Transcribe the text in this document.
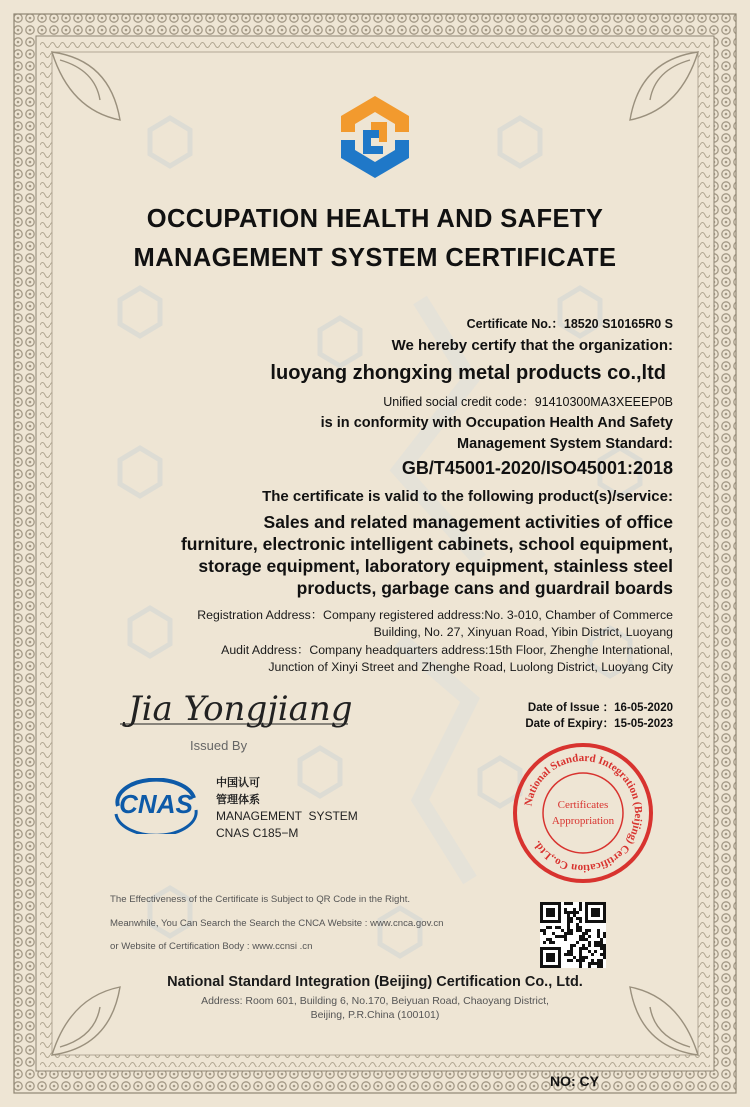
OCCUPATION HEALTH AND SAFETY
MANAGEMENT SYSTEM CERTIFICATE
Certificate No.：18520 S10165R0 S
We hereby certify that the organization:
luoyang zhongxing metal products co.,ltd
Unified social credit code：91410300MA3XEEEP0B
is in conformity with Occupation Health And Safety
Management System Standard:
GB/T45001-2020/ISO45001:2018
The certificate is valid to the following product(s)/service:
Sales and related management activities of office
furniture, electronic intelligent cabinets, school equipment,
storage equipment, laboratory equipment, stainless steel
products, garbage cans and guardrail boards
Registration Address：Company registered address:No. 3-010, Chamber of Commerce
Building, No. 27, Xinyuan Road, Yibin District, Luoyang
Audit Address：Company headquarters address:15th Floor, Zhenghe International,
Junction of Xinyi Street and Zhenghe Road, Luolong District, Luoyang City
Jia Yongjiang
Issued By
Date of Issue ：16-05-2020
Date of Expiry：15-05-2023
CNAS
中国认可
管理体系
MANAGEMENT  SYSTEM
CNAS C185−M
National Standard Integration (Beijing) Certification Co.,Ltd.
Certificates
Appropriation
The Effectiveness of the Certificate is Subject to QR Code in the Right.
Meanwhile, You Can Search the Search the CNCA Website : www.cnca.gov.cn
or Website of Certification Body : www.ccnsi .cn
National Standard Integration (Beijing) Certification Co., Ltd.
Address: Room 601, Building 6, No.170, Beiyuan Road, Chaoyang District,
Beijing, P.R.China (100101)
NO: CY
